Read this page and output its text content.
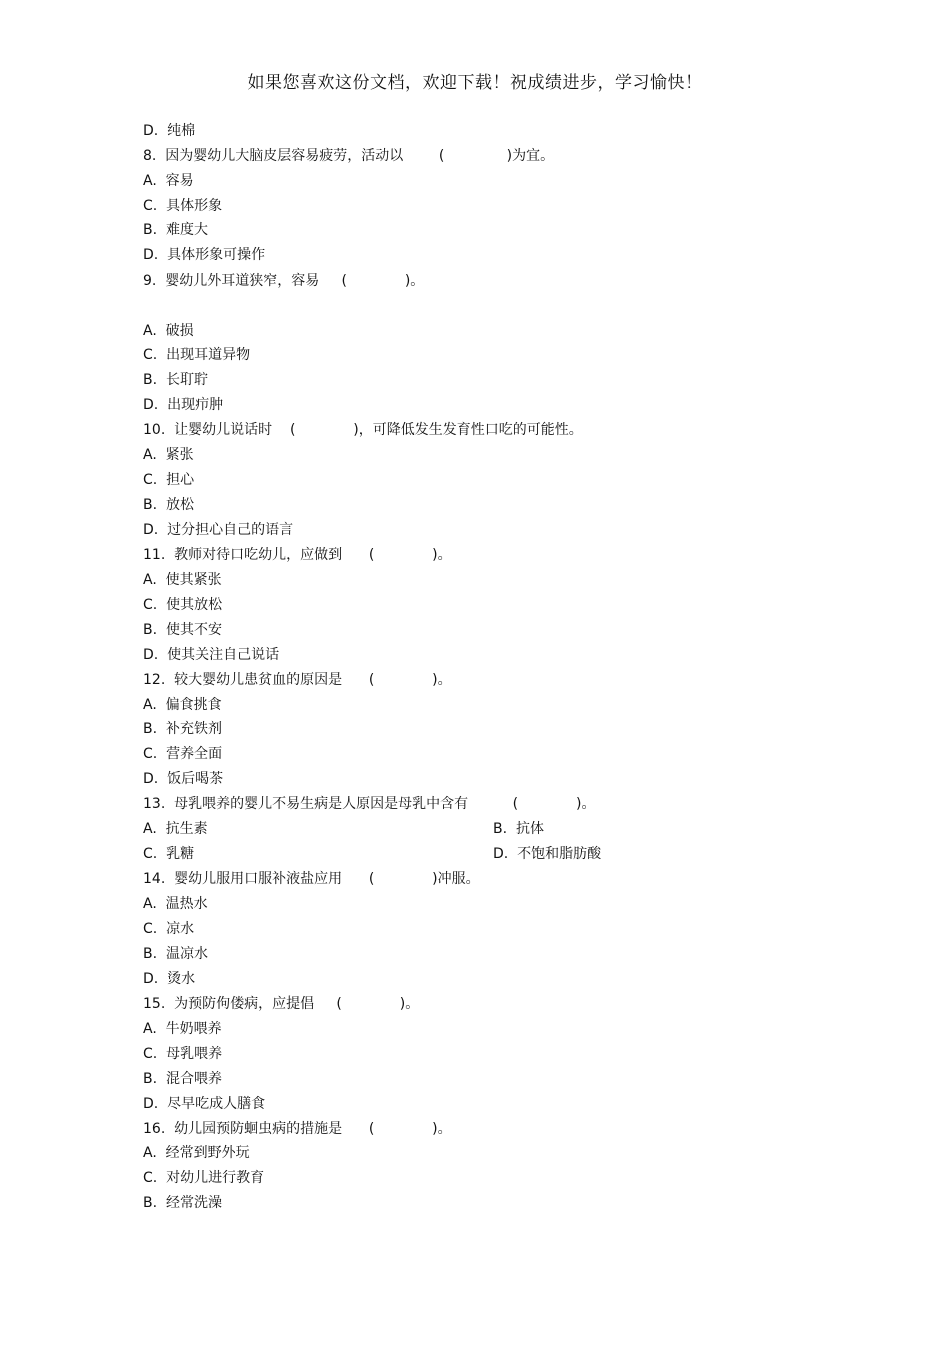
如果您喜欢这份文档，欢迎下载！祝成绩进步，学习愉快！
D.  纯棉
8.  因为婴幼儿大脑皮层容易疲劳，活动以        (              )为宜。
A.  容易
C.  具体形象
B.  难度大
D.  具体形象可操作
9.  婴幼儿外耳道狭窄，容易     (             )。
A.  破损
C.  出现耳道异物
B.  长耵聍
D.  出现疖肿
10.  让婴幼儿说话时    (             )，可降低发生发育性口吃的可能性。
A.  紧张
C.  担心
B.  放松
D.  过分担心自己的语言
11.  教师对待口吃幼儿，应做到      (             )。
A.  使其紧张
C.  使其放松
B.  使其不安
D.  使其关注自己说话
12.  较大婴幼儿患贫血的原因是      (             )。
A.  偏食挑食
B.  补充铁剂
C.  营养全面
D.  饭后喝茶
13.  母乳喂养的婴儿不易生病是人原因是母乳中含有          (             )。
A.  抗生素	B.  抗体
C.  乳糖	D.  不饱和脂肪酸
14.  婴幼儿服用口服补液盐应用      (             )冲服。
A.  温热水
C.  凉水
B.  温凉水
D.  烫水
15.  为预防佝偻病，应提倡     (             )。
A.  牛奶喂养
C.  母乳喂养
B.  混合喂养
D.  尽早吃成人膳食
16.  幼儿园预防蛔虫病的措施是      (             )。
A.  经常到野外玩
C.  对幼儿进行教育
B.  经常洗澡
